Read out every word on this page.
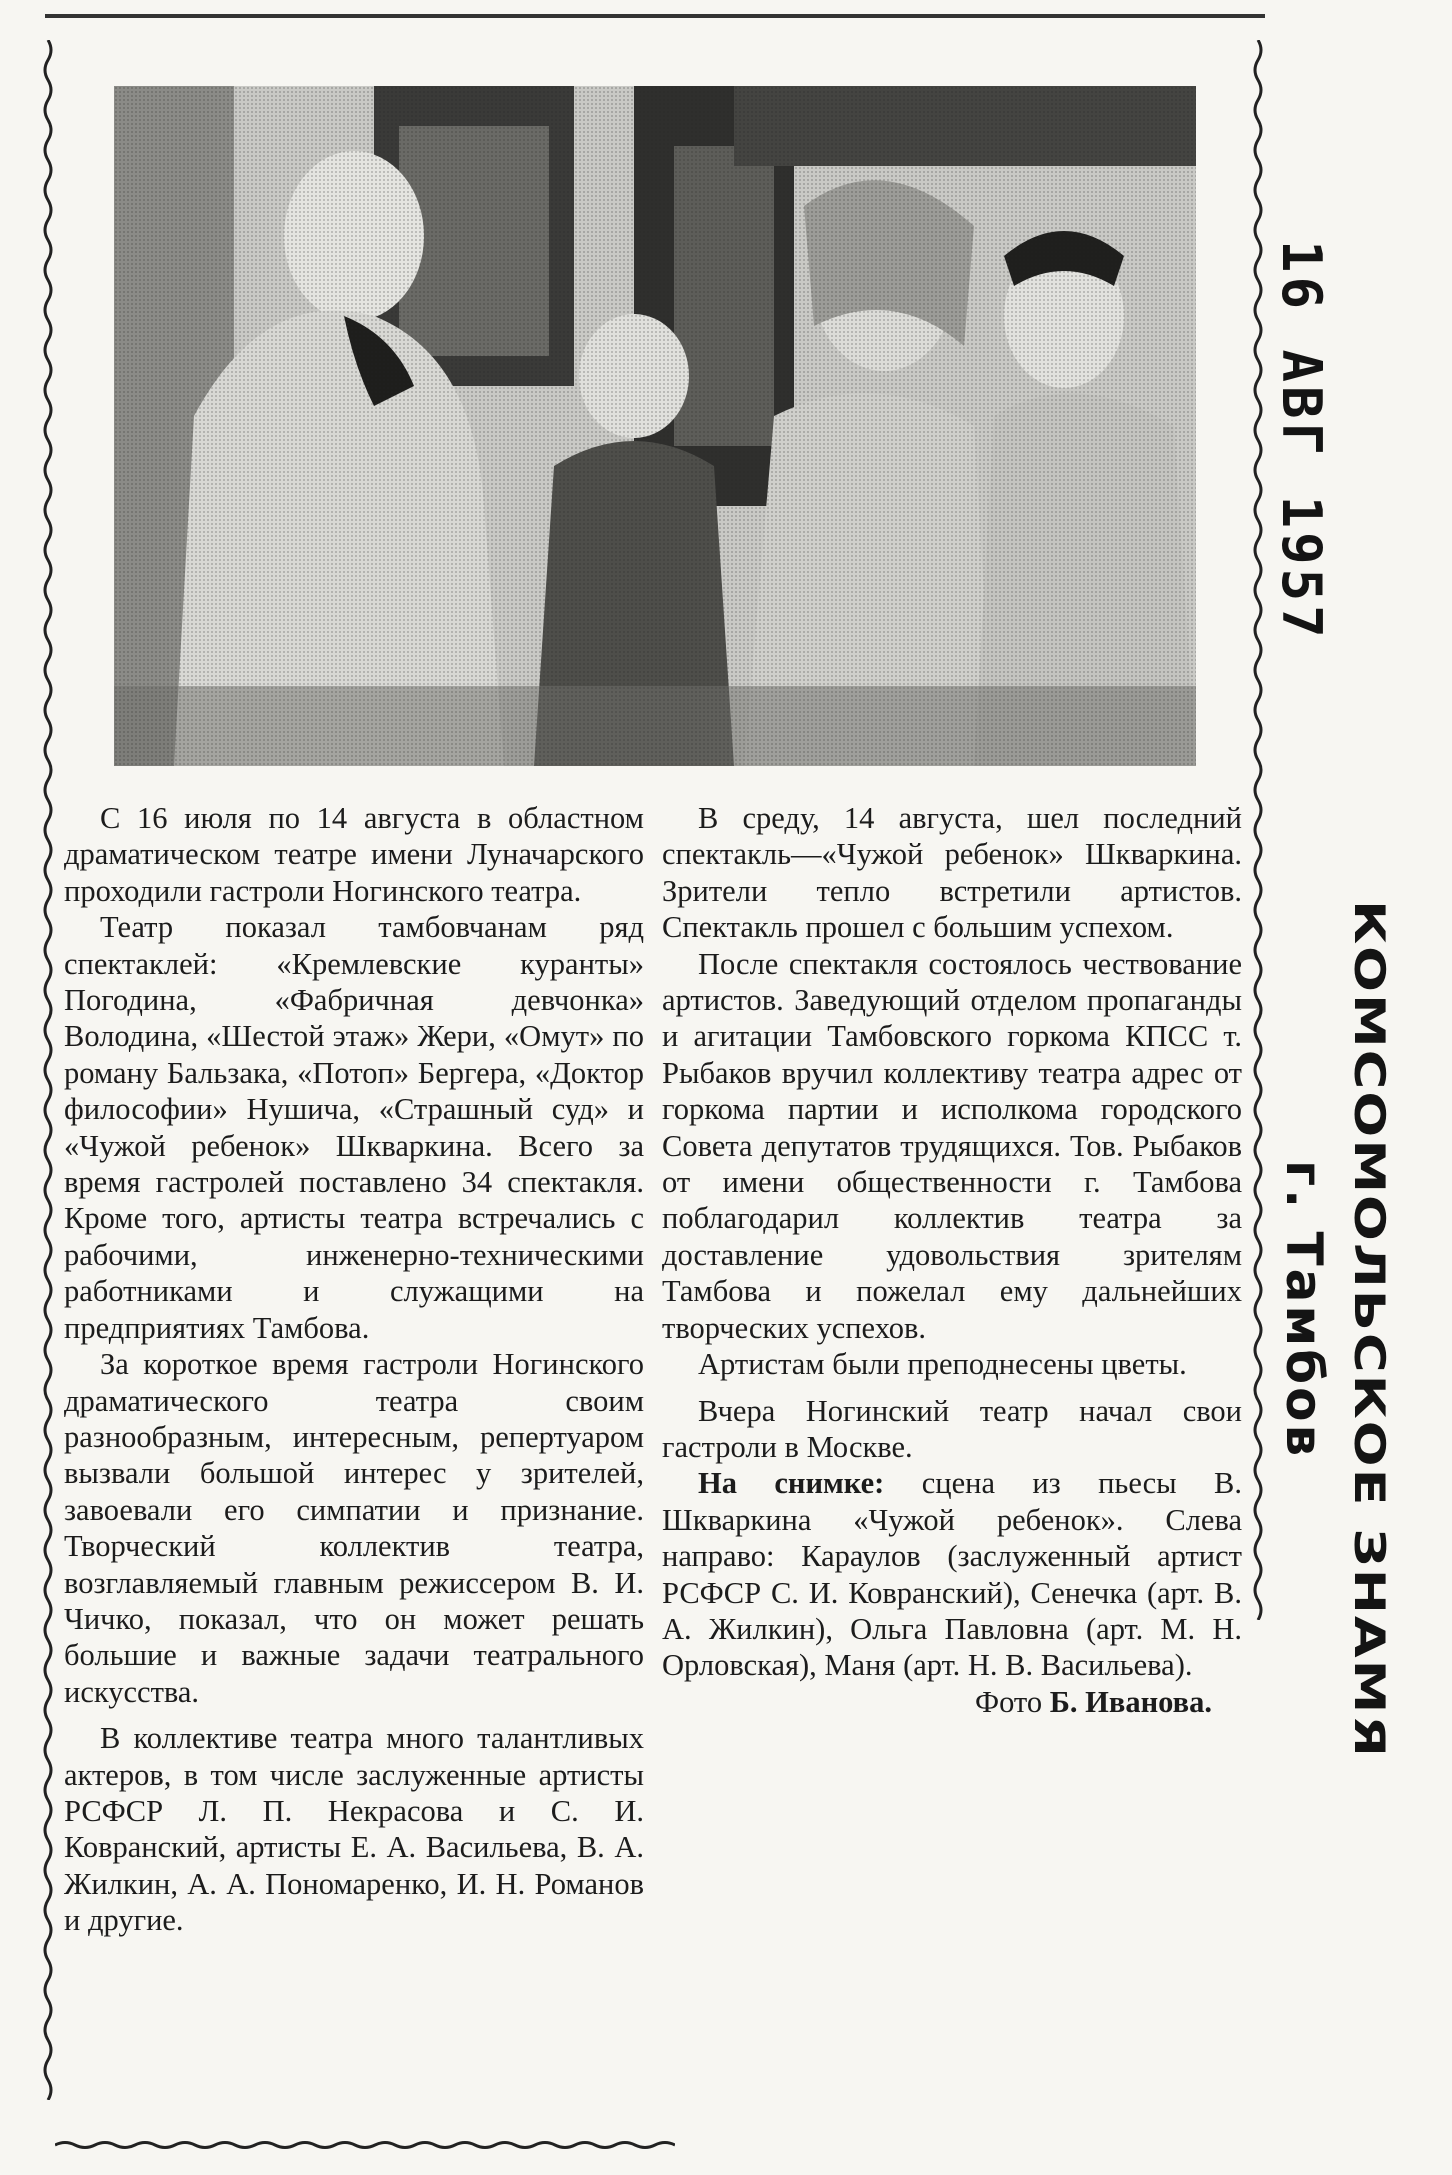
С 16 июля по 14 августа в областном драматическом театре имени Луначарского проходили гастроли Ногинского театра.

Театр показал тамбовчанам ряд спектаклей: «Кремлевские куранты» Погодина, «Фабричная девчонка» Володина, «Шестой этаж» Жери, «Омут» по роману Бальзака, «Потоп» Бергера, «Доктор философии» Нушича, «Страшный суд» и «Чужой ребенок» Шкваркина. Всего за время гастролей поставлено 34 спектакля. Кроме того, артисты театра встречались с рабочими, инженерно-техническими работниками и служащими на предприятиях Тамбова.

За короткое время гастроли Ногинского драматического театра своим разнообразным, интересным, репертуаром вызвали большой интерес у зрителей, завоевали его симпатии и признание. Творческий коллектив театра, возглавляемый главным режиссером В. И. Чичко, показал, что он может решать большие и важные задачи театрального искусства.

В коллективе театра много талантливых актеров, в том числе заслуженные артисты РСФСР Л. П. Некрасова и С. И. Ковранский, артисты Е. А. Васильева, В. А. Жилкин, А. А. Пономаренко, И. Н. Романов и другие.

В среду, 14 августа, шел последний спектакль—«Чужой ребенок» Шкваркина. Зрители тепло встретили артистов. Спектакль прошел с большим успехом.

После спектакля состоялось чествование артистов. Заведующий отделом пропаганды и агитации Тамбовского горкома КПСС т. Рыбаков вручил коллективу театра адрес от горкома партии и исполкома городского Совета депутатов трудящихся. Тов. Рыбаков от имени общественности г. Тамбова поблагодарил коллектив театра за доставление удовольствия зрителям Тамбова и пожелал ему дальнейших творческих успехов.

Артистам были преподнесены цветы.

Вчера Ногинский театр начал свои гастроли в Москве.

На снимке: сцена из пьесы В. Шкваркина «Чужой ребенок». Слева направо: Караулов (заслуженный артист РСФСР С. И. Ковранский), Сенечка (арт. В. А. Жилкин), Ольга Павловна (арт. М. Н. Орловская), Маня (арт. Н. В. Васильева).

Фото Б. Иванова.

16 АВГ 1957
КОМСОМОЛЬСКОЕ ЗНАМЯ
г. Тамбов
